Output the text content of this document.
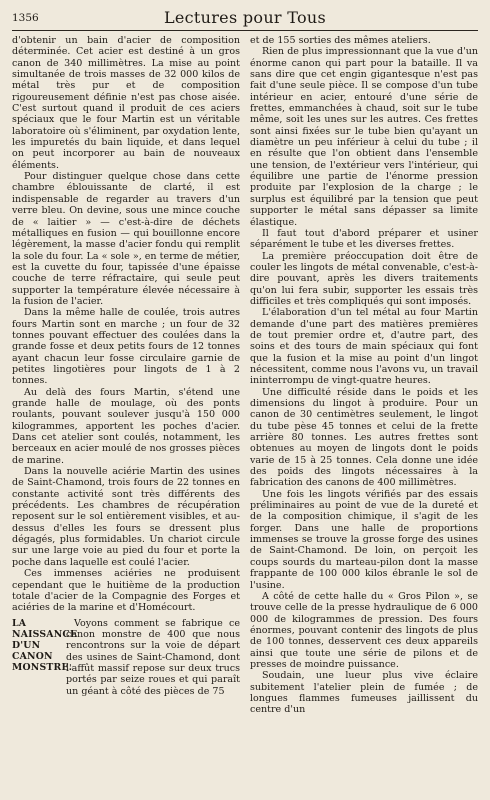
1356	Lectures pour Tous

d'obtenir un bain d'acier de composition déterminée. Cet acier est destiné à un gros canon de 340 millimètres. La mise au point simultanée de trois masses de 32 000 kilos de métal très pur et de composition rigoureusement définie n'est pas chose aisée. C'est surtout quand il produit de ces aciers spéciaux que le four Martin est un véritable laboratoire où s'éliminent, par oxydation lente, les impuretés du bain liquide, et dans lequel on peut incorporer au bain de nouveaux éléments.

Pour distinguer quelque chose dans cette chambre éblouissante de clarté, il est indispensable de regarder au travers d'un verre bleu. On devine, sous une mince couche de « laitier » — c'est-à-dire de déchets métalliques en fusion — qui bouillonne encore légèrement, la masse d'acier fondu qui remplit la sole du four. La « sole », en terme de métier, est la cuvette du four, tapissée d'une épaisse couche de terre réfractaire, qui seule peut supporter la température élevée nécessaire à la fusion de l'acier.

Dans la même halle de coulée, trois autres fours Martin sont en marche ; un four de 32 tonnes pouvant effectuer des coulées dans la grande fosse et deux petits fours de 12 tonnes ayant chacun leur fosse circulaire garnie de petites lingotières pour lingots de 1 à 2 tonnes.

Au delà des fours Martin, s'étend une grande halle de moulage, où des ponts roulants, pouvant soulever jusqu'à 150 000 kilogrammes, apportent les poches d'acier. Dans cet atelier sont coulés, notamment, les berceaux en acier moulé de nos grosses pièces de marine.

Dans la nouvelle aciérie Martin des usines de Saint-Chamond, trois fours de 22 tonnes en constante activité sont très différents des précédents. Les chambres de récupération reposent sur le sol entièrement visibles, et au-dessus d'elles les fours se dressent plus dégagés, plus formidables. Un chariot circule sur une large voie au pied du four et porte la poche dans laquelle est coulé l'acier.

Ces immenses aciéries ne produisent cependant que le huitième de la production totale d'acier de la Compagnie des Forges et aciéries de la marine et d'Homécourt.

LA NAISSANCE D'UN CANON MONSTRE.

Voyons comment se fabrique ce canon monstre de 400 que nous rencontrons sur la voie de départ des usines de Saint-Chamond, dont l'affût massif repose sur deux trucs portés par seize roues et qui paraît un géant à côté des pièces de 75

et de 155 sorties des mêmes ateliers.

Rien de plus impressionnant que la vue d'un énorme canon qui part pour la bataille. Il va sans dire que cet engin gigantesque n'est pas fait d'une seule pièce. Il se compose d'un tube intérieur en acier, entouré d'une série de frettes, emmanchées à chaud, soit sur le tube même, soit les unes sur les autres. Ces frettes sont ainsi fixées sur le tube bien qu'ayant un diamètre un peu inférieur à celui du tube ; il en résulte que l'on obtient dans l'ensemble une tension, de l'extérieur vers l'intérieur, qui équilibre une partie de l'énorme pression produite par l'explosion de la charge ; le surplus est équilibré par la tension que peut supporter le métal sans dépasser sa limite élastique.

Il faut tout d'abord préparer et usiner séparément le tube et les diverses frettes.

La première préoccupation doit être de couler les lingots de métal convenable, c'est-à-dire pouvant, après les divers traitements qu'on lui fera subir, supporter les essais très difficiles et très compliqués qui sont imposés.

L'élaboration d'un tel métal au four Martin demande d'une part des matières premières de tout premier ordre et, d'autre part, des soins et des tours de main spéciaux qui font que la fusion et la mise au point d'un lingot nécessitent, comme nous l'avons vu, un travail ininterrompu de vingt-quatre heures.

Une difficulté réside dans le poids et les dimensions du lingot à produire. Pour un canon de 30 centimètres seulement, le lingot du tube pèse 45 tonnes et celui de la frette arrière 80 tonnes. Les autres frettes sont obtenues au moyen de lingots dont le poids varie de 15 à 25 tonnes. Cela donne une idée des poids des lingots nécessaires à la fabrication des canons de 400 millimètres.

Une fois les lingots vérifiés par des essais préliminaires au point de vue de la dureté et de la composition chimique, il s'agit de les forger. Dans une halle de proportions immenses se trouve la grosse forge des usines de Saint-Chamond. De loin, on perçoit les coups sourds du marteau-pilon dont la masse frappante de 100 000 kilos ébranle le sol de l'usine.

A côté de cette halle du « Gros Pilon », se trouve celle de la presse hydraulique de 6 000 000 de kilogrammes de pression. Des fours énormes, pouvant contenir des lingots de plus de 100 tonnes, desservent ces deux appareils ainsi que toute une série de pilons et de presses de moindre puissance.

Soudain, une lueur plus vive éclaire subitement l'atelier plein de fumée ; de longues flammes fumeuses jaillissent du centre d'un
